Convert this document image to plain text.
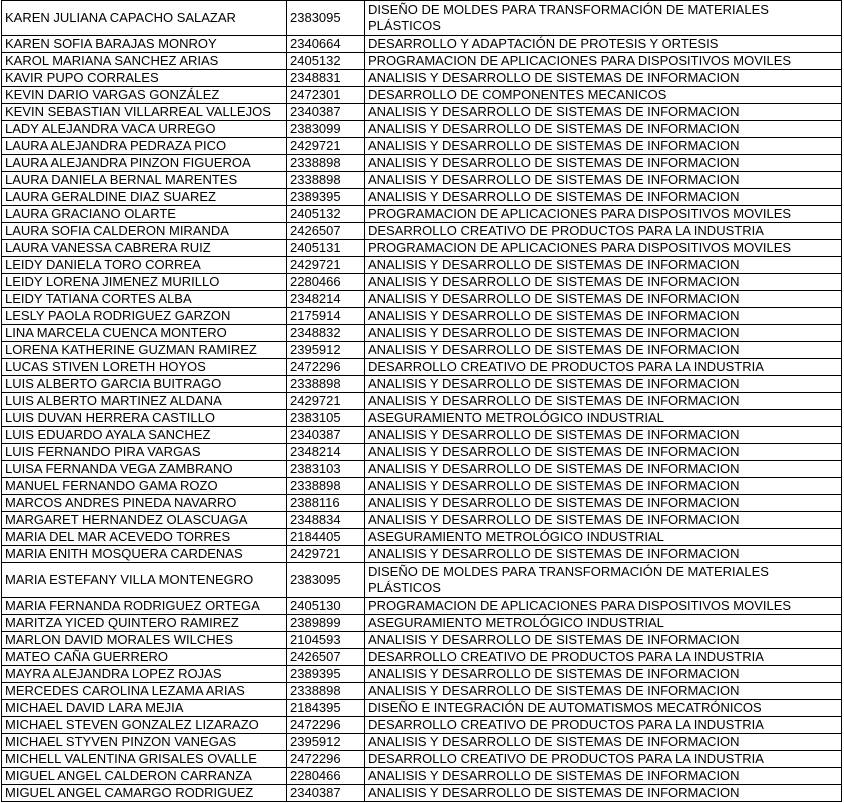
KAREN JULIANA CAPACHO SALAZAR	2383095	DISEÑO DE MOLDES PARA TRANSFORMACIÓN DE MATERIALES PLÁSTICOS
KAREN SOFIA BARAJAS MONROY	2340664	DESARROLLO Y ADAPTACIÓN DE PROTESIS Y ORTESIS
KAROL MARIANA SANCHEZ ARIAS	2405132	PROGRAMACION DE APLICACIONES PARA DISPOSITIVOS MOVILES
KAVIR PUPO CORRALES	2348831	ANALISIS Y DESARROLLO DE SISTEMAS DE INFORMACION
KEVIN DARIO VARGAS GONZÁLEZ	2472301	DESARROLLO DE COMPONENTES MECANICOS
KEVIN SEBASTIAN VILLARREAL VALLEJOS	2340387	ANALISIS Y DESARROLLO DE SISTEMAS DE INFORMACION
LADY ALEJANDRA VACA URREGO	2383099	ANALISIS Y DESARROLLO DE SISTEMAS DE INFORMACION
LAURA ALEJANDRA PEDRAZA PICO	2429721	ANALISIS Y DESARROLLO DE SISTEMAS DE INFORMACION
LAURA ALEJANDRA PINZON FIGUEROA	2338898	ANALISIS Y DESARROLLO DE SISTEMAS DE INFORMACION
LAURA DANIELA BERNAL MARENTES	2338898	ANALISIS Y DESARROLLO DE SISTEMAS DE INFORMACION
LAURA GERALDINE DIAZ SUAREZ	2389395	ANALISIS Y DESARROLLO DE SISTEMAS DE INFORMACION
LAURA GRACIANO OLARTE	2405132	PROGRAMACION DE APLICACIONES PARA DISPOSITIVOS MOVILES
LAURA SOFIA CALDERON MIRANDA	2426507	DESARROLLO CREATIVO DE PRODUCTOS PARA LA INDUSTRIA
LAURA VANESSA CABRERA RUIZ	2405131	PROGRAMACION DE APLICACIONES PARA DISPOSITIVOS MOVILES
LEIDY DANIELA TORO CORREA	2429721	ANALISIS Y DESARROLLO DE SISTEMAS DE INFORMACION
LEIDY LORENA JIMENEZ MURILLO	2280466	ANALISIS Y DESARROLLO DE SISTEMAS DE INFORMACION
LEIDY TATIANA CORTES ALBA	2348214	ANALISIS Y DESARROLLO DE SISTEMAS DE INFORMACION
LESLY PAOLA RODRIGUEZ GARZON	2175914	ANALISIS Y DESARROLLO DE SISTEMAS DE INFORMACION
LINA MARCELA CUENCA MONTERO	2348832	ANALISIS Y DESARROLLO DE SISTEMAS DE INFORMACION
LORENA KATHERINE GUZMAN RAMIREZ	2395912	ANALISIS Y DESARROLLO DE SISTEMAS DE INFORMACION
LUCAS STIVEN LORETH HOYOS	2472296	DESARROLLO CREATIVO DE PRODUCTOS PARA LA INDUSTRIA
LUIS ALBERTO GARCIA BUITRAGO	2338898	ANALISIS Y DESARROLLO DE SISTEMAS DE INFORMACION
LUIS ALBERTO MARTINEZ ALDANA	2429721	ANALISIS Y DESARROLLO DE SISTEMAS DE INFORMACION
LUIS DUVAN HERRERA CASTILLO	2383105	ASEGURAMIENTO METROLÓGICO INDUSTRIAL
LUIS EDUARDO AYALA SANCHEZ	2340387	ANALISIS Y DESARROLLO DE SISTEMAS DE INFORMACION
LUIS FERNANDO PIRA VARGAS	2348214	ANALISIS Y DESARROLLO DE SISTEMAS DE INFORMACION
LUISA FERNANDA VEGA ZAMBRANO	2383103	ANALISIS Y DESARROLLO DE SISTEMAS DE INFORMACION
MANUEL FERNANDO GAMA ROZO	2338898	ANALISIS Y DESARROLLO DE SISTEMAS DE INFORMACION
MARCOS ANDRES PINEDA NAVARRO	2388116	ANALISIS Y DESARROLLO DE SISTEMAS DE INFORMACION
MARGARET HERNANDEZ OLASCUAGA	2348834	ANALISIS Y DESARROLLO DE SISTEMAS DE INFORMACION
MARIA DEL MAR ACEVEDO TORRES	2184405	ASEGURAMIENTO METROLÓGICO INDUSTRIAL
MARIA ENITH MOSQUERA CARDENAS	2429721	ANALISIS Y DESARROLLO DE SISTEMAS DE INFORMACION
MARIA ESTEFANY VILLA MONTENEGRO	2383095	DISEÑO DE MOLDES PARA TRANSFORMACIÓN DE MATERIALES PLÁSTICOS
MARIA FERNANDA RODRIGUEZ ORTEGA	2405130	PROGRAMACION DE APLICACIONES PARA DISPOSITIVOS MOVILES
MARITZA YICED QUINTERO RAMIREZ	2389899	ASEGURAMIENTO METROLÓGICO INDUSTRIAL
MARLON DAVID MORALES WILCHES	2104593	ANALISIS Y DESARROLLO DE SISTEMAS DE INFORMACION
MATEO CAÑA GUERRERO	2426507	DESARROLLO CREATIVO DE PRODUCTOS PARA LA INDUSTRIA
MAYRA ALEJANDRA LOPEZ ROJAS	2389395	ANALISIS Y DESARROLLO DE SISTEMAS DE INFORMACION
MERCEDES CAROLINA LEZAMA ARIAS	2338898	ANALISIS Y DESARROLLO DE SISTEMAS DE INFORMACION
MICHAEL DAVID LARA MEJIA	2184395	DISEÑO E INTEGRACIÓN DE AUTOMATISMOS MECATRÓNICOS
MICHAEL STEVEN GONZALEZ LIZARAZO	2472296	DESARROLLO CREATIVO DE PRODUCTOS PARA LA INDUSTRIA
MICHAEL STYVEN PINZON VANEGAS	2395912	ANALISIS Y DESARROLLO DE SISTEMAS DE INFORMACION
MICHELL VALENTINA GRISALES OVALLE	2472296	DESARROLLO CREATIVO DE PRODUCTOS PARA LA INDUSTRIA
MIGUEL ANGEL CALDERON CARRANZA	2280466	ANALISIS Y DESARROLLO DE SISTEMAS DE INFORMACION
MIGUEL ANGEL CAMARGO RODRIGUEZ	2340387	ANALISIS Y DESARROLLO DE SISTEMAS DE INFORMACION
